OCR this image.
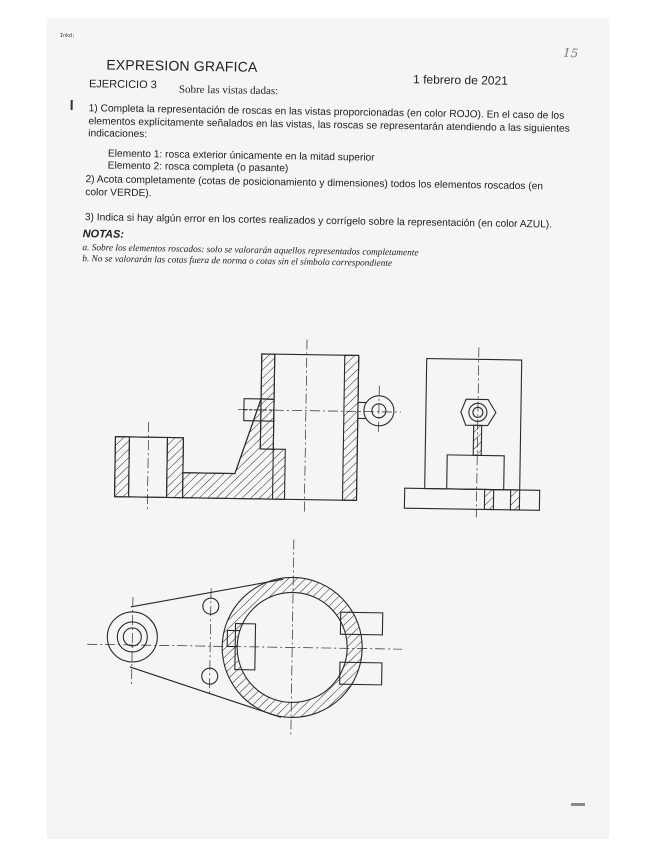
Inkd:
15
EXPRESION GRAFICA
1 febrero de 2021
EJERCICIO 3 Sobre las vistas dadas:
1) Completa la representación de roscas en las vistas proporcionadas (en color ROJO). En el caso de los elementos explícitamente señalados en las vistas, las roscas se representarán atendiendo a las siguientes indicaciones:
Elemento 1: rosca exterior únicamente en la mitad superior
Elemento 2: rosca completa (o pasante)
2) Acota completamente (cotas de posicionamiento y dimensiones) todos los elementos roscados (en color VERDE).
3) Indica si hay algún error en los cortes realizados y corrígelo sobre la representación (en color AZUL).
NOTAS:
a. Sobre los elementos roscados: solo se valorarán aquellos representados completamente
b. No se valorarán las cotas fuera de norma o cotas sin el símbolo correspondiente
